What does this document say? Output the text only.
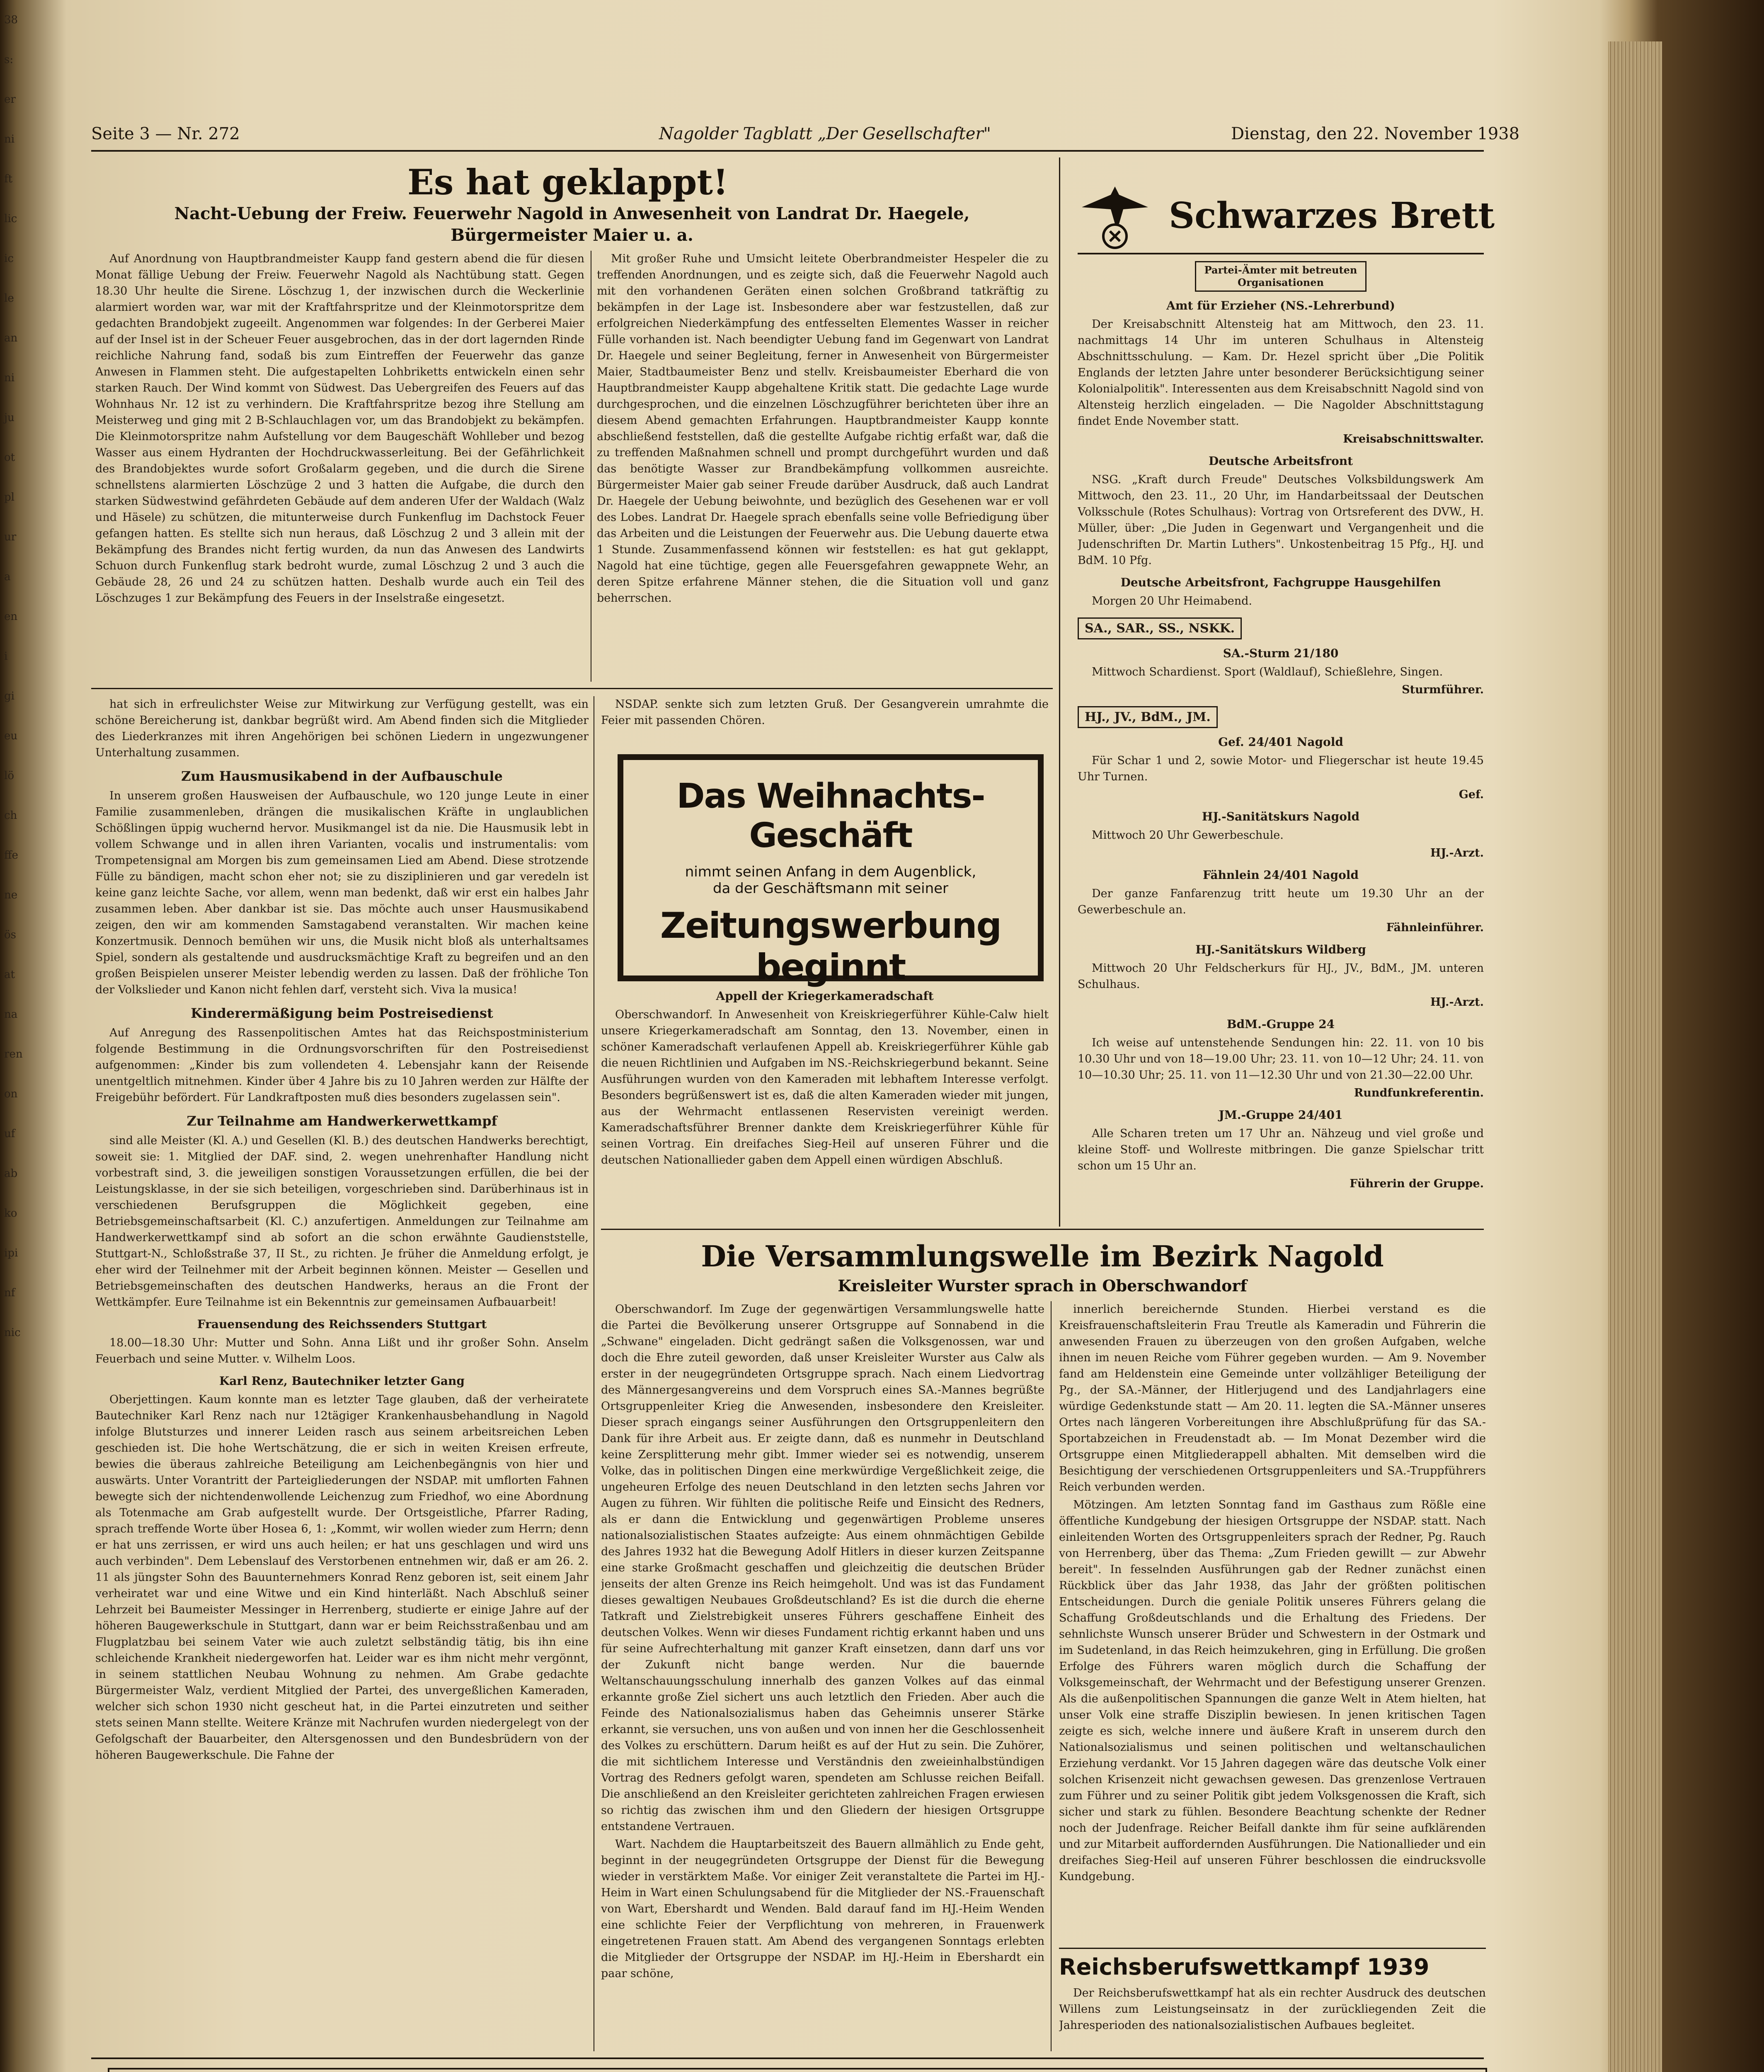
38
s:
er
ni
ft
lic
ic
le
an
ni
ju
ot
pl
ur
a
en
i
gi
eu
lö
ch
ffe
ne
ös
at
na
ren
on
uf
ab
ko
ipi
nf
nic
Seite 3 — Nr. 272	Nagolder Tagblatt „Der Gesellschafter"	Dienstag, den 22. November 1938
Es hat geklappt!
Nacht-Uebung der Freiw. Feuerwehr Nagold in Anwesenheit von Landrat Dr. Haegele, Bürgermeister Maier u. a.

Auf Anordnung von Hauptbrandmeister Kaupp fand gestern abend die für diesen Monat fällige Uebung der Freiw. Feuerwehr Nagold als Nachtübung statt. Gegen 18.30 Uhr heulte die Sirene. Löschzug 1, der inzwischen durch die Weckerlinie alarmiert worden war, war mit der Kraftfahrspritze und der Kleinmotorspritze dem gedachten Brandobjekt zugeeilt. Angenommen war folgendes: In der Gerberei Maier auf der Insel ist in der Scheuer Feuer ausgebrochen, das in der dort lagernden Rinde reichliche Nahrung fand, sodaß bis zum Eintreffen der Feuerwehr das ganze Anwesen in Flammen steht. Die aufgestapelten Lohbriketts entwickeln einen sehr starken Rauch. Der Wind kommt von Südwest. Das Uebergreifen des Feuers auf das Wohnhaus Nr. 12 ist zu verhindern. Die Kraftfahrspritze bezog ihre Stellung am Meisterweg und ging mit 2 B-Schlauchlagen vor, um das Brandobjekt zu bekämpfen. Die Kleinmotorspritze nahm Aufstellung vor dem Baugeschäft Wohlleber und bezog Wasser aus einem Hydranten der Hochdruckwasserleitung. Bei der Gefährlichkeit des Brandobjektes wurde sofort Großalarm gegeben, und die durch die Sirene schnellstens alarmierten Löschzüge 2 und 3 hatten die Aufgabe, die durch den starken Südwestwind gefährdeten Gebäude auf dem anderen Ufer der Waldach (Walz und Häsele) zu schützen, die mitunterweise durch Funkenflug im Dachstock Feuer gefangen hatten. Es stellte sich nun heraus, daß Löschzug 2 und 3 allein mit der Bekämpfung des Brandes nicht fertig wurden, da nun das Anwesen des Landwirts Schuon durch Funkenflug stark bedroht wurde, zumal Löschzug 2 und 3 auch die Gebäude 28, 26 und 24 zu schützen hatten. Deshalb wurde auch ein Teil des Löschzuges 1 zur Bekämpfung des Feuers in der Inselstraße eingesetzt.

Mit großer Ruhe und Umsicht leitete Oberbrandmeister Hespeler die zu treffenden Anordnungen, und es zeigte sich, daß die Feuerwehr Nagold auch mit den vorhandenen Geräten einen solchen Großbrand tatkräftig zu bekämpfen in der Lage ist. Insbesondere aber war festzustellen, daß zur erfolgreichen Niederkämpfung des entfesselten Elementes Wasser in reicher Fülle vorhanden ist. Nach beendigter Uebung fand im Gegenwart von Landrat Dr. Haegele und seiner Begleitung, ferner in Anwesenheit von Bürgermeister Maier, Stadtbaumeister Benz und stellv. Kreisbaumeister Eberhard die von Hauptbrandmeister Kaupp abgehaltene Kritik statt. Die gedachte Lage wurde durchgesprochen, und die einzelnen Löschzugführer berichteten über ihre an diesem Abend gemachten Erfahrungen. Hauptbrandmeister Kaupp konnte abschließend feststellen, daß die gestellte Aufgabe richtig erfaßt war, daß die zu treffenden Maßnahmen schnell und prompt durchgeführt wurden und daß das benötigte Wasser zur Brandbekämpfung vollkommen ausreichte. Bürgermeister Maier gab seiner Freude darüber Ausdruck, daß auch Landrat Dr. Haegele der Uebung beiwohnte, und bezüglich des Gesehenen war er voll des Lobes. Landrat Dr. Haegele sprach ebenfalls seine volle Befriedigung über das Arbeiten und die Leistungen der Feuerwehr aus. Die Uebung dauerte etwa 1 Stunde. Zusammenfassend können wir feststellen: es hat gut geklappt, Nagold hat eine tüchtige, gegen alle Feuersgefahren gewappnete Wehr, an deren Spitze erfahrene Männer stehen, die die Situation voll und ganz beherrschen.

Schwarzes Brett
Partei-Ämter mit betreuten Organisationen
Amt für Erzieher (NS.-Lehrerbund)

Der Kreisabschnitt Altensteig hat am Mittwoch, den 23. 11. nachmittags 14 Uhr im unteren Schulhaus in Altensteig Abschnittsschulung. — Kam. Dr. Hezel spricht über „Die Politik Englands der letzten Jahre unter besonderer Berücksichtigung seiner Kolonialpolitik". Interessenten aus dem Kreisabschnitt Nagold sind von Altensteig herzlich eingeladen. — Die Nagolder Abschnittstagung findet Ende November statt.

Kreisabschnittswalter.
Deutsche Arbeitsfront

NSG. „Kraft durch Freude" Deutsches Volksbildungswerk Am Mittwoch, den 23. 11., 20 Uhr, im Handarbeitssaal der Deutschen Volksschule (Rotes Schulhaus): Vortrag von Ortsreferent des DVW., H. Müller, über: „Die Juden in Gegenwart und Vergangenheit und die Judenschriften Dr. Martin Luthers". Unkostenbeitrag 15 Pfg., HJ. und BdM. 10 Pfg.

Deutsche Arbeitsfront, Fachgruppe Hausgehilfen

Morgen 20 Uhr Heimabend.

SA., SAR., SS., NSKK.
SA.-Sturm 21/180

Mittwoch Schardienst. Sport (Waldlauf), Schießlehre, Singen.

Sturmführer.
HJ., JV., BdM., JM.
Gef. 24/401 Nagold

Für Schar 1 und 2, sowie Motor- und Fliegerschar ist heute 19.45 Uhr Turnen.

Gef.
HJ.-Sanitätskurs Nagold

Mittwoch 20 Uhr Gewerbeschule.

HJ.-Arzt.
Fähnlein 24/401 Nagold

Der ganze Fanfarenzug tritt heute um 19.30 Uhr an der Gewerbeschule an.

Fähnleinführer.
HJ.-Sanitätskurs Wildberg

Mittwoch 20 Uhr Feldscherkurs für HJ., JV., BdM., JM. unteren Schulhaus.

HJ.-Arzt.
BdM.-Gruppe 24

Ich weise auf untenstehende Sendungen hin: 22. 11. von 10 bis 10.30 Uhr und von 18—19.00 Uhr; 23. 11. von 10—12 Uhr; 24. 11. von 10—10.30 Uhr; 25. 11. von 11—12.30 Uhr und von 21.30—22.00 Uhr.

Rundfunkreferentin.
JM.-Gruppe 24/401

Alle Scharen treten um 17 Uhr an. Nähzeug und viel große und kleine Stoff- und Wollreste mitbringen. Die ganze Spielschar tritt schon um 15 Uhr an.

Führerin der Gruppe.

hat sich in erfreulichster Weise zur Mitwirkung zur Verfügung gestellt, was ein schöne Bereicherung ist, dankbar begrüßt wird. Am Abend finden sich die Mitglieder des Liederkranzes mit ihren Angehörigen bei schönen Liedern in ungezwungener Unterhaltung zusammen.

Zum Hausmusikabend in der Aufbauschule

In unserem großen Hausweisen der Aufbauschule, wo 120 junge Leute in einer Familie zusammenleben, drängen die musikalischen Kräfte in unglaublichen Schößlingen üppig wuchernd hervor. Musikmangel ist da nie. Die Hausmusik lebt in vollem Schwange und in allen ihren Varianten, vocalis und instrumentalis: vom Trompetensignal am Morgen bis zum gemeinsamen Lied am Abend. Diese strotzende Fülle zu bändigen, macht schon eher not; sie zu disziplinieren und gar veredeln ist keine ganz leichte Sache, vor allem, wenn man bedenkt, daß wir erst ein halbes Jahr zusammen leben. Aber dankbar ist sie. Das möchte auch unser Hausmusikabend zeigen, den wir am kommenden Samstagabend veranstalten. Wir machen keine Konzertmusik. Dennoch bemühen wir uns, die Musik nicht bloß als unterhaltsames Spiel, sondern als gestaltende und ausdrucksmächtige Kraft zu begreifen und an den großen Beispielen unserer Meister lebendig werden zu lassen. Daß der fröhliche Ton der Volkslieder und Kanon nicht fehlen darf, versteht sich. Viva la musica!

Kinderermäßigung beim Postreisedienst

Auf Anregung des Rassenpolitischen Amtes hat das Reichspostministerium folgende Bestimmung in die Ordnungsvorschriften für den Postreisedienst aufgenommen: „Kinder bis zum vollendeten 4. Lebensjahr kann der Reisende unentgeltlich mitnehmen. Kinder über 4 Jahre bis zu 10 Jahren werden zur Hälfte der Freigebühr befördert. Für Landkraftposten muß dies besonders zugelassen sein".

Zur Teilnahme am Handwerkerwettkampf

sind alle Meister (Kl. A.) und Gesellen (Kl. B.) des deutschen Handwerks berechtigt, soweit sie: 1. Mitglied der DAF. sind, 2. wegen unehrenhafter Handlung nicht vorbestraft sind, 3. die jeweiligen sonstigen Voraussetzungen erfüllen, die bei der Leistungsklasse, in der sie sich beteiligen, vorgeschrieben sind. Darüberhinaus ist in verschiedenen Berufsgruppen die Möglichkeit gegeben, eine Betriebsgemeinschaftsarbeit (Kl. C.) anzufertigen. Anmeldungen zur Teilnahme am Handwerkerwettkampf sind ab sofort an die schon erwähnte Gaudienststelle, Stuttgart-N., Schloßstraße 37, II St., zu richten. Je früher die Anmeldung erfolgt, je eher wird der Teilnehmer mit der Arbeit beginnen können. Meister — Gesellen und Betriebsgemeinschaften des deutschen Handwerks, heraus an die Front der Wettkämpfer. Eure Teilnahme ist ein Bekenntnis zur gemeinsamen Aufbauarbeit!

Frauensendung des Reichssenders Stuttgart

18.00—18.30 Uhr: Mutter und Sohn. Anna Lißt und ihr großer Sohn. Anselm Feuerbach und seine Mutter. v. Wilhelm Loos.

Karl Renz, Bautechniker letzter Gang

Oberjettingen. Kaum konnte man es letzter Tage glauben, daß der verheiratete Bautechniker Karl Renz nach nur 12tägiger Krankenhausbehandlung in Nagold infolge Blutsturzes und innerer Leiden rasch aus seinem arbeitsreichen Leben geschieden ist. Die hohe Wertschätzung, die er sich in weiten Kreisen erfreute, bewies die überaus zahlreiche Beteiligung am Leichenbegängnis von hier und auswärts. Unter Vorantritt der Parteigliederungen der NSDAP. mit umflorten Fahnen bewegte sich der nichtendenwollende Leichenzug zum Friedhof, wo eine Abordnung als Totenmache am Grab aufgestellt wurde. Der Ortsgeistliche, Pfarrer Rading, sprach treffende Worte über Hosea 6, 1: „Kommt, wir wollen wieder zum Herrn; denn er hat uns zerrissen, er wird uns auch heilen; er hat uns geschlagen und wird uns auch verbinden". Dem Lebenslauf des Verstorbenen entnehmen wir, daß er am 26. 2. 11 als jüngster Sohn des Bauunternehmers Konrad Renz geboren ist, seit einem Jahr verheiratet war und eine Witwe und ein Kind hinterläßt. Nach Abschluß seiner Lehrzeit bei Baumeister Messinger in Herrenberg, studierte er einige Jahre auf der höheren Baugewerkschule in Stuttgart, dann war er beim Reichsstraßenbau und am Flugplatzbau bei seinem Vater wie auch zuletzt selbständig tätig, bis ihn eine schleichende Krankheit niedergeworfen hat. Leider war es ihm nicht mehr vergönnt, in seinem stattlichen Neubau Wohnung zu nehmen. Am Grabe gedachte Bürgermeister Walz, verdient Mitglied der Partei, des unvergeßlichen Kameraden, welcher sich schon 1930 nicht gescheut hat, in die Partei einzutreten und seither stets seinen Mann stellte. Weitere Kränze mit Nachrufen wurden niedergelegt von der Gefolgschaft der Bauarbeiter, den Altersgenossen und den Bundesbrüdern von der höheren Baugewerkschule. Die Fahne der

NSDAP. senkte sich zum letzten Gruß. Der Gesangverein umrahmte die Feier mit passenden Chören.

Das Weihnachts-Geschäft
nimmt seinen Anfang in dem Augenblick,
da der Geschäftsmann mit seiner
Zeitungswerbung beginnt
Appell der Kriegerkameradschaft

Oberschwandorf. In Anwesenheit von Kreiskriegerführer Kühle-Calw hielt unsere Kriegerkameradschaft am Sonntag, den 13. November, einen in schöner Kameradschaft verlaufenen Appell ab. Kreiskriegerführer Kühle gab die neuen Richtlinien und Aufgaben im NS.-Reichskriegerbund bekannt. Seine Ausführungen wurden von den Kameraden mit lebhaftem Interesse verfolgt. Besonders begrüßenswert ist es, daß die alten Kameraden wieder mit jungen, aus der Wehrmacht entlassenen Reservisten vereinigt werden. Kameradschaftsführer Brenner dankte dem Kreiskriegerführer Kühle für seinen Vortrag. Ein dreifaches Sieg-Heil auf unseren Führer und die deutschen Nationallieder gaben dem Appell einen würdigen Abschluß.

Die Versammlungswelle im Bezirk Nagold
Kreisleiter Wurster sprach in Oberschwandorf

Oberschwandorf. Im Zuge der gegenwärtigen Versammlungswelle hatte die Partei die Bevölkerung unserer Ortsgruppe auf Sonnabend in die „Schwane" eingeladen. Dicht gedrängt saßen die Volksgenossen, war und doch die Ehre zuteil geworden, daß unser Kreisleiter Wurster aus Calw als erster in der neugegründeten Ortsgruppe sprach. Nach einem Liedvortrag des Männergesangvereins und dem Vorspruch eines SA.-Mannes begrüßte Ortsgruppenleiter Krieg die Anwesenden, insbesondere den Kreisleiter. Dieser sprach eingangs seiner Ausführungen den Ortsgruppenleitern den Dank für ihre Arbeit aus. Er zeigte dann, daß es nunmehr in Deutschland keine Zersplitterung mehr gibt. Immer wieder sei es notwendig, unserem Volke, das in politischen Dingen eine merkwürdige Vergeßlichkeit zeige, die ungeheuren Erfolge des neuen Deutschland in den letzten sechs Jahren vor Augen zu führen. Wir fühlten die politische Reife und Einsicht des Redners, als er dann die Entwicklung und gegenwärtigen Probleme unseres nationalsozialistischen Staates aufzeigte: Aus einem ohnmächtigen Gebilde des Jahres 1932 hat die Bewegung Adolf Hitlers in dieser kurzen Zeitspanne eine starke Großmacht geschaffen und gleichzeitig die deutschen Brüder jenseits der alten Grenze ins Reich heimgeholt. Und was ist das Fundament dieses gewaltigen Neubaues Großdeutschland? Es ist die durch die eherne Tatkraft und Zielstrebigkeit unseres Führers geschaffene Einheit des deutschen Volkes. Wenn wir dieses Fundament richtig erkannt haben und uns für seine Aufrechterhaltung mit ganzer Kraft einsetzen, dann darf uns vor der Zukunft nicht bange werden. Nur die bauernde Weltanschauungsschulung innerhalb des ganzen Volkes auf das einmal erkannte große Ziel sichert uns auch letztlich den Frieden. Aber auch die Feinde des Nationalsozialismus haben das Geheimnis unserer Stärke erkannt, sie versuchen, uns von außen und von innen her die Geschlossenheit des Volkes zu erschüttern. Darum heißt es auf der Hut zu sein. Die Zuhörer, die mit sichtlichem Interesse und Verständnis den zweieinhalbstündigen Vortrag des Redners gefolgt waren, spendeten am Schlusse reichen Beifall. Die anschließend an den Kreisleiter gerichteten zahlreichen Fragen erwiesen so richtig das zwischen ihm und den Gliedern der hiesigen Ortsgruppe entstandene Vertrauen.

Wart. Nachdem die Hauptarbeitszeit des Bauern allmählich zu Ende geht, beginnt in der neugegründeten Ortsgruppe der Dienst für die Bewegung wieder in verstärktem Maße. Vor einiger Zeit veranstaltete die Partei im HJ.-Heim in Wart einen Schulungsabend für die Mitglieder der NS.-Frauenschaft von Wart, Ebershardt und Wenden. Bald darauf fand im HJ.-Heim Wenden eine schlichte Feier der Verpflichtung von mehreren, in Frauenwerk eingetretenen Frauen statt. Am Abend des vergangenen Sonntags erlebten die Mitglieder der Ortsgruppe der NSDAP. im HJ.-Heim in Ebershardt ein paar schöne,

innerlich bereichernde Stunden. Hierbei verstand es die Kreisfrauenschaftsleiterin Frau Treutle als Kameradin und Führerin die anwesenden Frauen zu überzeugen von den großen Aufgaben, welche ihnen im neuen Reiche vom Führer gegeben wurden. — Am 9. November fand am Heldenstein eine Gemeinde unter vollzähliger Beteiligung der Pg., der SA.-Männer, der Hitlerjugend und des Landjahrlagers eine würdige Gedenkstunde statt — Am 20. 11. legten die SA.-Männer unseres Ortes nach längeren Vorbereitungen ihre Abschlußprüfung für das SA.-Sportabzeichen in Freudenstadt ab. — Im Monat Dezember wird die Ortsgruppe einen Mitgliederappell abhalten. Mit demselben wird die Besichtigung der verschiedenen Ortsgruppenleiters und SA.-Truppführers Reich verbunden werden.

Mötzingen. Am letzten Sonntag fand im Gasthaus zum Rößle eine öffentliche Kundgebung der hiesigen Ortsgruppe der NSDAP. statt. Nach einleitenden Worten des Ortsgruppenleiters sprach der Redner, Pg. Rauch von Herrenberg, über das Thema: „Zum Frieden gewillt — zur Abwehr bereit". In fesselnden Ausführungen gab der Redner zunächst einen Rückblick über das Jahr 1938, das Jahr der größten politischen Entscheidungen. Durch die geniale Politik unseres Führers gelang die Schaffung Großdeutschlands und die Erhaltung des Friedens. Der sehnlichste Wunsch unserer Brüder und Schwestern in der Ostmark und im Sudetenland, in das Reich heimzukehren, ging in Erfüllung. Die großen Erfolge des Führers waren möglich durch die Schaffung der Volksgemeinschaft, der Wehrmacht und der Befestigung unserer Grenzen. Als die außenpolitischen Spannungen die ganze Welt in Atem hielten, hat unser Volk eine straffe Disziplin bewiesen. In jenen kritischen Tagen zeigte es sich, welche innere und äußere Kraft in unserem durch den Nationalsozialismus und seinen politischen und weltanschaulichen Erziehung verdankt. Vor 15 Jahren dagegen wäre das deutsche Volk einer solchen Krisenzeit nicht gewachsen gewesen. Das grenzenlose Vertrauen zum Führer und zu seiner Politik gibt jedem Volksgenossen die Kraft, sich sicher und stark zu fühlen. Besondere Beachtung schenkte der Redner noch der Judenfrage. Reicher Beifall dankte ihm für seine aufklärenden und zur Mitarbeit auffordernden Ausführungen. Die Nationallieder und ein dreifaches Sieg-Heil auf unseren Führer beschlossen die eindrucksvolle Kundgebung.

Reichsberufswettkampf 1939

Der Reichsberufswettkampf hat als ein rechter Ausdruck des deutschen Willens zum Leistungseinsatz in der zurückliegenden Zeit die Jahresperioden des nationalsozialistischen Aufbaues begleitet.
